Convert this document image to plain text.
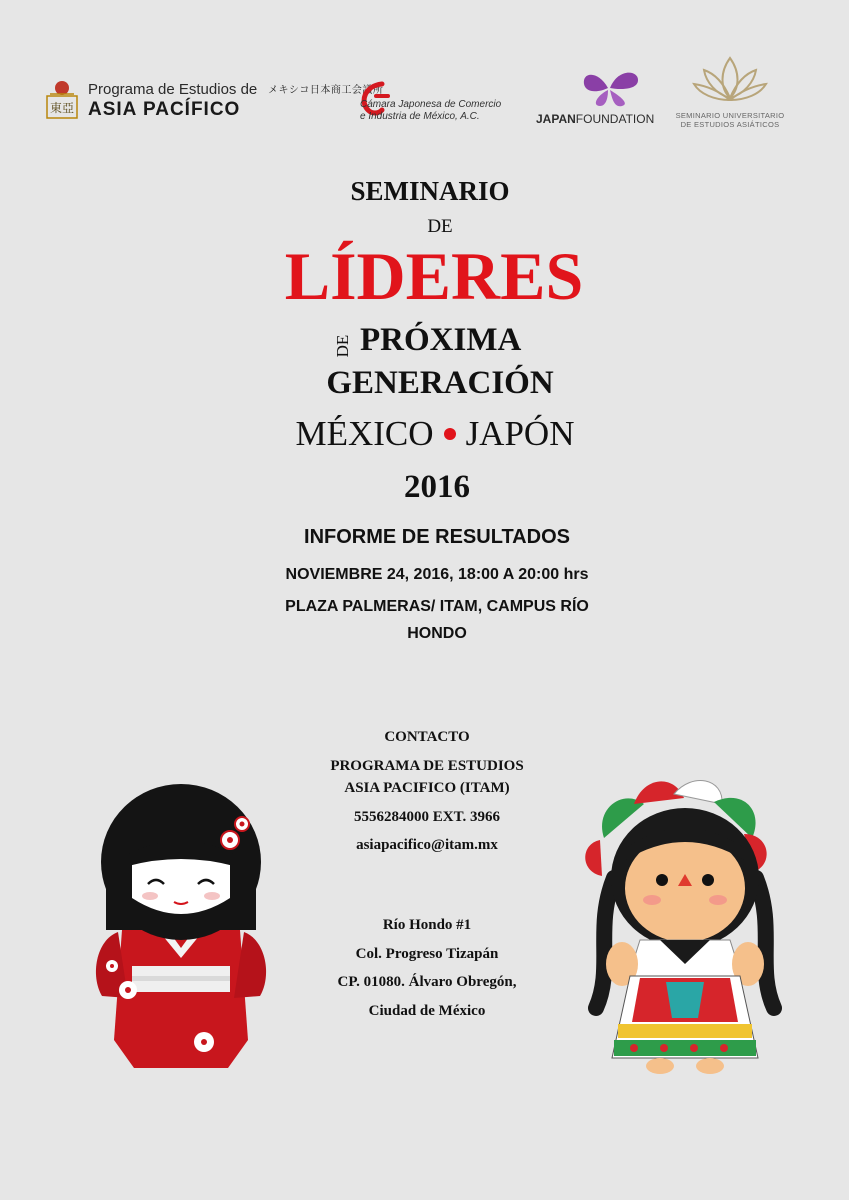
東亞
Programa de Estudios de
ASIA PACÍFICO
メキシコ日本商工会議所
Cámara Japonesa de Comercio
e Industria de México, A.C.	JAPANFOUNDATION	SEMINARIO UNIVERSITARIO
DE ESTUDIOS ASIÁTICOS
SEMINARIO
DE
LÍDERES
DE PRÓXIMA
GENERACIÓN
MÉXICO JAPÓN
2016
INFORME DE RESULTADOS
NOVIEMBRE 24, 2016, 18:00 A 20:00 hrs
PLAZA PALMERAS/ ITAM, CAMPUS RÍO
HONDO
CONTACTO
PROGRAMA DE ESTUDIOS
ASIA PACIFICO (ITAM)
5556284000 EXT. 3966
asiapacifico@itam.mx
Río Hondo #1
Col. Progreso Tizapán
CP. 01080. Álvaro Obregón,
Ciudad de México
